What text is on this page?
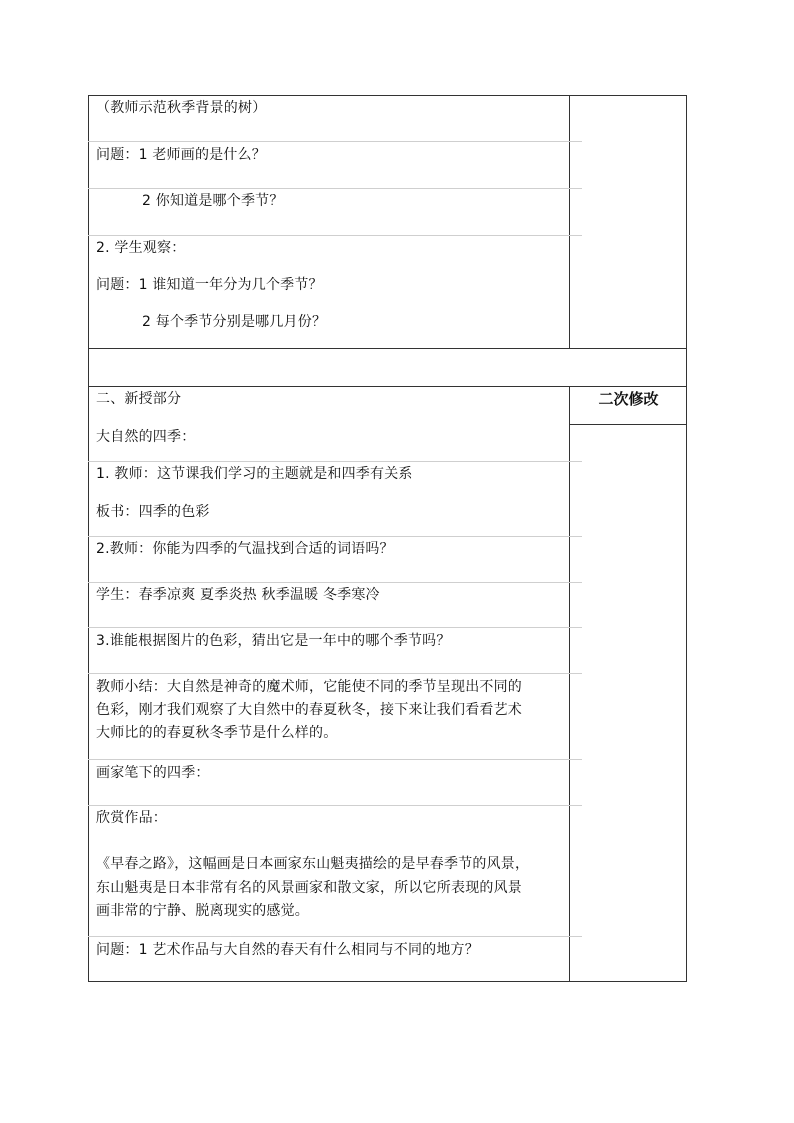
（教师示范秋季背景的树）
问题：1 老师画的是什么？
2 你知道是哪个季节？
2. 学生观察：
问题：1 谁知道一年分为几个季节？
2 每个季节分别是哪几月份？
二次修改
二、新授部分
大自然的四季：
1. 教师：这节课我们学习的主题就是和四季有关系
板书：四季的色彩
2.教师：你能为四季的气温找到合适的词语吗？
学生：春季凉爽 夏季炎热 秋季温暖 冬季寒冷
3.谁能根据图片的色彩，猜出它是一年中的哪个季节吗？
教师小结：大自然是神奇的魔术师，它能使不同的季节呈现出不同的
色彩，刚才我们观察了大自然中的春夏秋冬，接下来让我们看看艺术
大师比的的春夏秋冬季节是什么样的。
画家笔下的四季：
欣赏作品：
《早春之路》，这幅画是日本画家东山魁夷描绘的是早春季节的风景，
东山魁夷是日本非常有名的风景画家和散文家，所以它所表现的风景
画非常的宁静、脱离现实的感觉。
问题：1 艺术作品与大自然的春天有什么相同与不同的地方？
